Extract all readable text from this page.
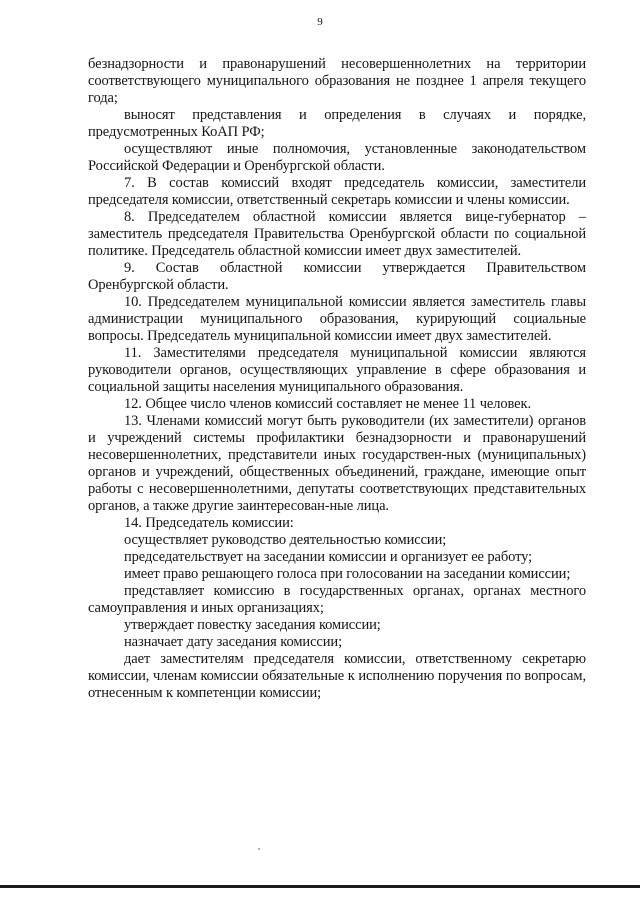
9

безнадзорности и правонарушений несовершеннолетних на территории соответствующего муниципального образования не позднее 1 апреля текущего года;

выносят представления и определения в случаях и порядке, предусмотренных КоАП РФ;

осуществляют иные полномочия, установленные законодательством Российской Федерации и Оренбургской области.

7. В состав комиссий входят председатель комиссии, заместители председателя комиссии, ответственный секретарь комиссии и члены комиссии.

8. Председателем областной комиссии является вице-губернатор – заместитель председателя Правительства Оренбургской области по социальной политике. Председатель областной комиссии имеет двух заместителей.

9. Состав областной комиссии утверждается Правительством Оренбургской области.

10. Председателем муниципальной комиссии является заместитель главы администрации муниципального образования, курирующий социальные вопросы. Председатель муниципальной комиссии имеет двух заместителей.

11. Заместителями председателя муниципальной комиссии являются руководители органов, осуществляющих управление в сфере образования и социальной защиты населения муниципального образования.

12. Общее число членов комиссий составляет не менее 11 человек.

13. Членами комиссий могут быть руководители (их заместители) органов и учреждений системы профилактики безнадзорности и правонарушений несовершеннолетних, представители иных государствен-ных (муниципальных) органов и учреждений, общественных объединений, граждане, имеющие опыт работы с несовершеннолетними, депутаты соответствующих представительных органов, а также другие заинтересован-ные лица.

14. Председатель комиссии:

осуществляет руководство деятельностью комиссии;

председательствует на заседании комиссии и организует ее работу;

имеет право решающего голоса при голосовании на заседании комиссии;

представляет комиссию в государственных органах, органах местного самоуправления и иных организациях;

утверждает повестку заседания комиссии;

назначает дату заседания комиссии;

дает заместителям председателя комиссии, ответственному секретарю комиссии, членам комиссии обязательные к исполнению поручения по вопросам, отнесенным к компетенции комиссии;
